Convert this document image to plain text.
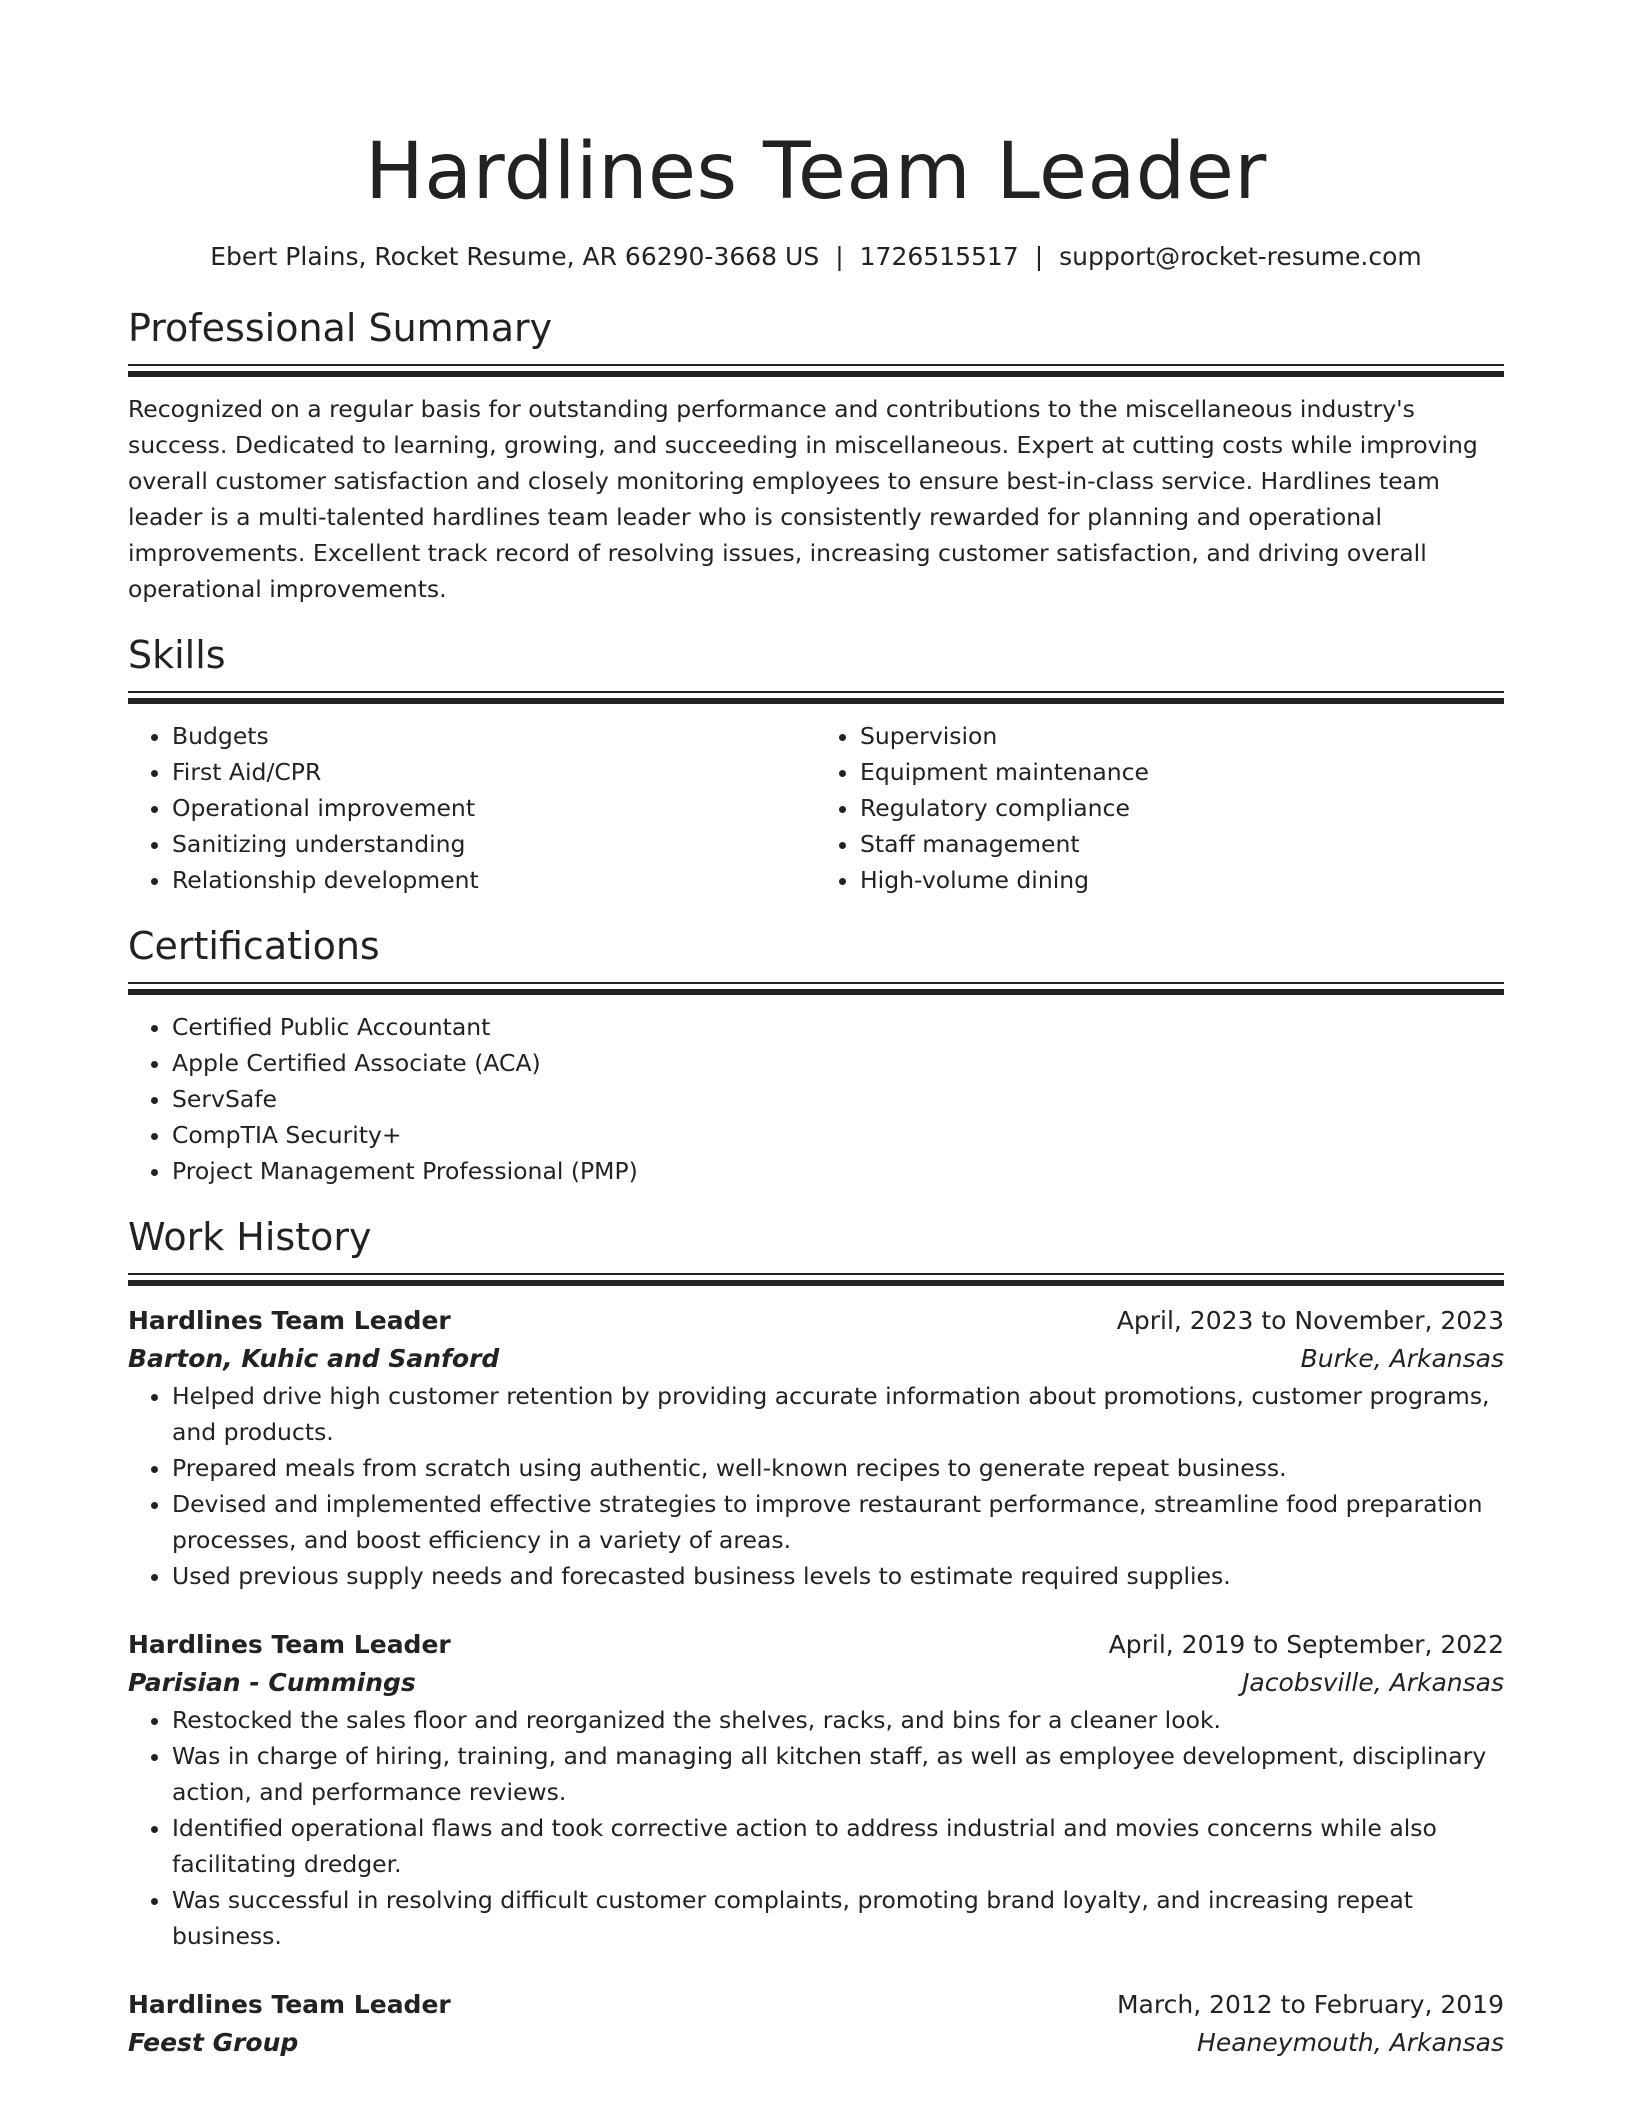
Hardlines Team Leader
Ebert Plains, Rocket Resume, AR 66290-3668 US | 1726515517 | support@rocket-resume.com
Professional Summary

Recognized on a regular basis for outstanding performance and contributions to the miscellaneous industry's success. Dedicated to learning, growing, and succeeding in miscellaneous. Expert at cutting costs while improving overall customer satisfaction and closely monitoring employees to ensure best-in-class service. Hardlines team leader is a multi-talented hardlines team leader who is consistently rewarded for planning and operational improvements. Excellent track record of resolving issues, increasing customer satisfaction, and driving overall operational improvements.

Skills
• Budgets
• First Aid/CPR
• Operational improvement
• Sanitizing understanding
• Relationship development
• Supervision
• Equipment maintenance
• Regulatory compliance
• Staff management
• High-volume dining
Certifications
• Certified Public Accountant
• Apple Certified Associate (ACA)
• ServSafe
• CompTIA Security+
• Project Management Professional (PMP)
Work History
Hardlines Team Leader	April, 2023 to November, 2023
Barton, Kuhic and Sanford	Burke, Arkansas
• Helped drive high customer retention by providing accurate information about promotions, customer programs, and products.
• Prepared meals from scratch using authentic, well-known recipes to generate repeat business.
• Devised and implemented effective strategies to improve restaurant performance, streamline food preparation processes, and boost efficiency in a variety of areas.
• Used previous supply needs and forecasted business levels to estimate required supplies.
Hardlines Team Leader	April, 2019 to September, 2022
Parisian - Cummings	Jacobsville, Arkansas
• Restocked the sales floor and reorganized the shelves, racks, and bins for a cleaner look.
• Was in charge of hiring, training, and managing all kitchen staff, as well as employee development, disciplinary action, and performance reviews.
• Identified operational flaws and took corrective action to address industrial and movies concerns while also facilitating dredger.
• Was successful in resolving difficult customer complaints, promoting brand loyalty, and increasing repeat business.
Hardlines Team Leader	March, 2012 to February, 2019
Feest Group	Heaneymouth, Arkansas
